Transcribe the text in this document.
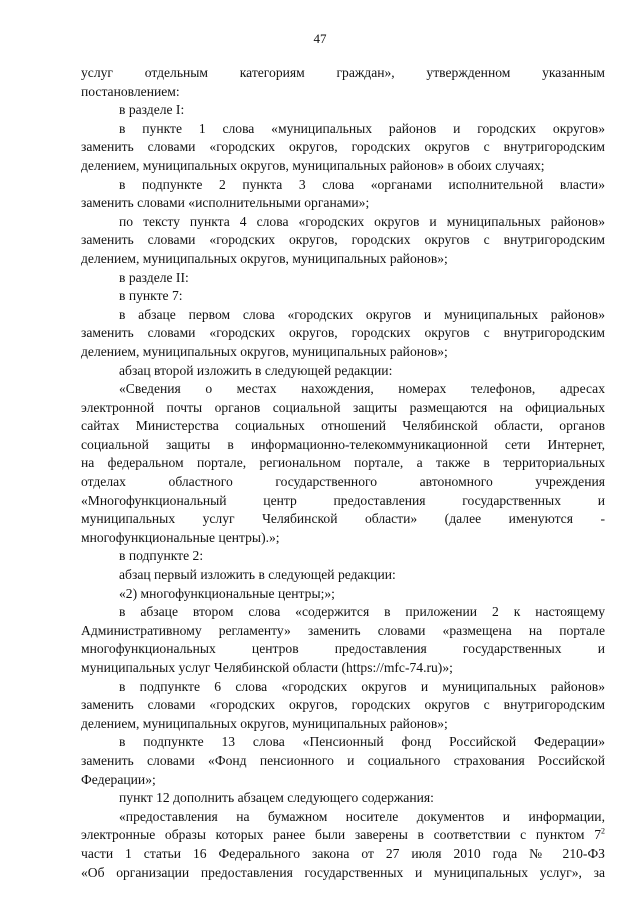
47
услуг отдельным категориям граждан», утвержденном указанным
постановлением:
в разделе I:
в пункте 1 слова «муниципальных районов и городских округов»
заменить словами «городских округов, городских округов с внутригородским
делением, муниципальных округов, муниципальных районов» в обоих случаях;
в подпункте 2 пункта 3 слова «органами исполнительной власти»
заменить словами «исполнительными органами»;
по тексту пункта 4 слова «городских округов и муниципальных районов»
заменить словами «городских округов, городских округов с внутригородским
делением, муниципальных округов, муниципальных районов»;
в разделе II:
в пункте 7:
в абзаце первом слова «городских округов и муниципальных районов»
заменить словами «городских округов, городских округов с внутригородским
делением, муниципальных округов, муниципальных районов»;
абзац второй изложить в следующей редакции:
«Сведения о местах нахождения, номерах телефонов, адресах
электронной почты органов социальной защиты размещаются на официальных
сайтах Министерства социальных отношений Челябинской области, органов
социальной защиты в информационно-телекоммуникационной сети Интернет,
на федеральном портале, региональном портале, а также в территориальных
отделах областного государственного автономного учреждения
«Многофункциональный центр предоставления государственных и
муниципальных услуг Челябинской области» (далее именуются -
многофункциональные центры).»;
в подпункте 2:
абзац первый изложить в следующей редакции:
«2) многофункциональные центры;»;
в абзаце втором слова «содержится в приложении 2 к настоящему
Административному регламенту» заменить словами «размещена на портале
многофункциональных центров предоставления государственных и
муниципальных услуг Челябинской области (https://mfc-74.ru)»;
в подпункте 6 слова «городских округов и муниципальных районов»
заменить словами «городских округов, городских округов с внутригородским
делением, муниципальных округов, муниципальных районов»;
в подпункте 13 слова «Пенсионный фонд Российской Федерации»
заменить словами «Фонд пенсионного и социального страхования Российской
Федерации»;
пункт 12 дополнить абзацем следующего содержания:
«предоставления на бумажном носителе документов и информации,
электронные образы которых ранее были заверены в соответствии с пунктом $7^2$
части 1 статьи 16 Федерального закона от 27 июля 2010 года № 210-ФЗ
«Об организации предоставления государственных и муниципальных услуг», за
